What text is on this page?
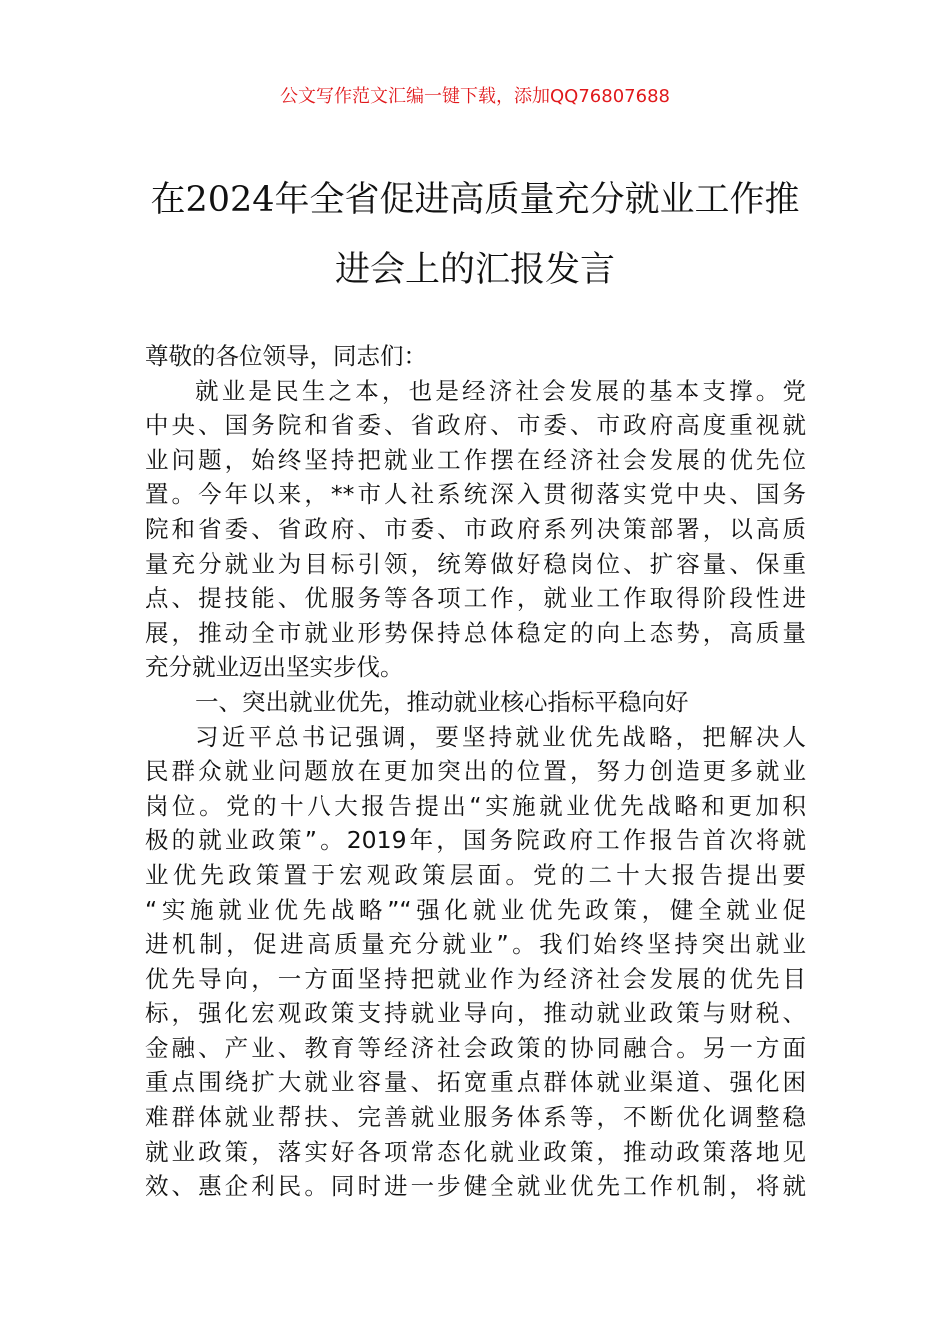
公文写作范文汇编一键下载，添加QQ76807688
在2024年全省促进高质量充分就业工作推
进会上的汇报发言
尊敬的各位领导，同志们：
就业是民生之本，也是经济社会发展的基本支撑。党
中央、国务院和省委、省政府、市委、市政府高度重视就
业问题，始终坚持把就业工作摆在经济社会发展的优先位
置。今年以来，**市人社系统深入贯彻落实党中央、国务
院和省委、省政府、市委、市政府系列决策部署，以高质
量充分就业为目标引领，统筹做好稳岗位、扩容量、保重
点、提技能、优服务等各项工作，就业工作取得阶段性进
展，推动全市就业形势保持总体稳定的向上态势，高质量
充分就业迈出坚实步伐。
一、突出就业优先，推动就业核心指标平稳向好
习近平总书记强调，要坚持就业优先战略，把解决人
民群众就业问题放在更加突出的位置，努力创造更多就业
岗位。党的十八大报告提出“实施就业优先战略和更加积
极的就业政策”。2019年，国务院政府工作报告首次将就
业优先政策置于宏观政策层面。党的二十大报告提出要
“实施就业优先战略”“强化就业优先政策，健全就业促
进机制，促进高质量充分就业”。我们始终坚持突出就业
优先导向，一方面坚持把就业作为经济社会发展的优先目
标，强化宏观政策支持就业导向，推动就业政策与财税、
金融、产业、教育等经济社会政策的协同融合。另一方面
重点围绕扩大就业容量、拓宽重点群体就业渠道、强化困
难群体就业帮扶、完善就业服务体系等，不断优化调整稳
就业政策，落实好各项常态化就业政策，推动政策落地见
效、惠企利民。同时进一步健全就业优先工作机制，将就
